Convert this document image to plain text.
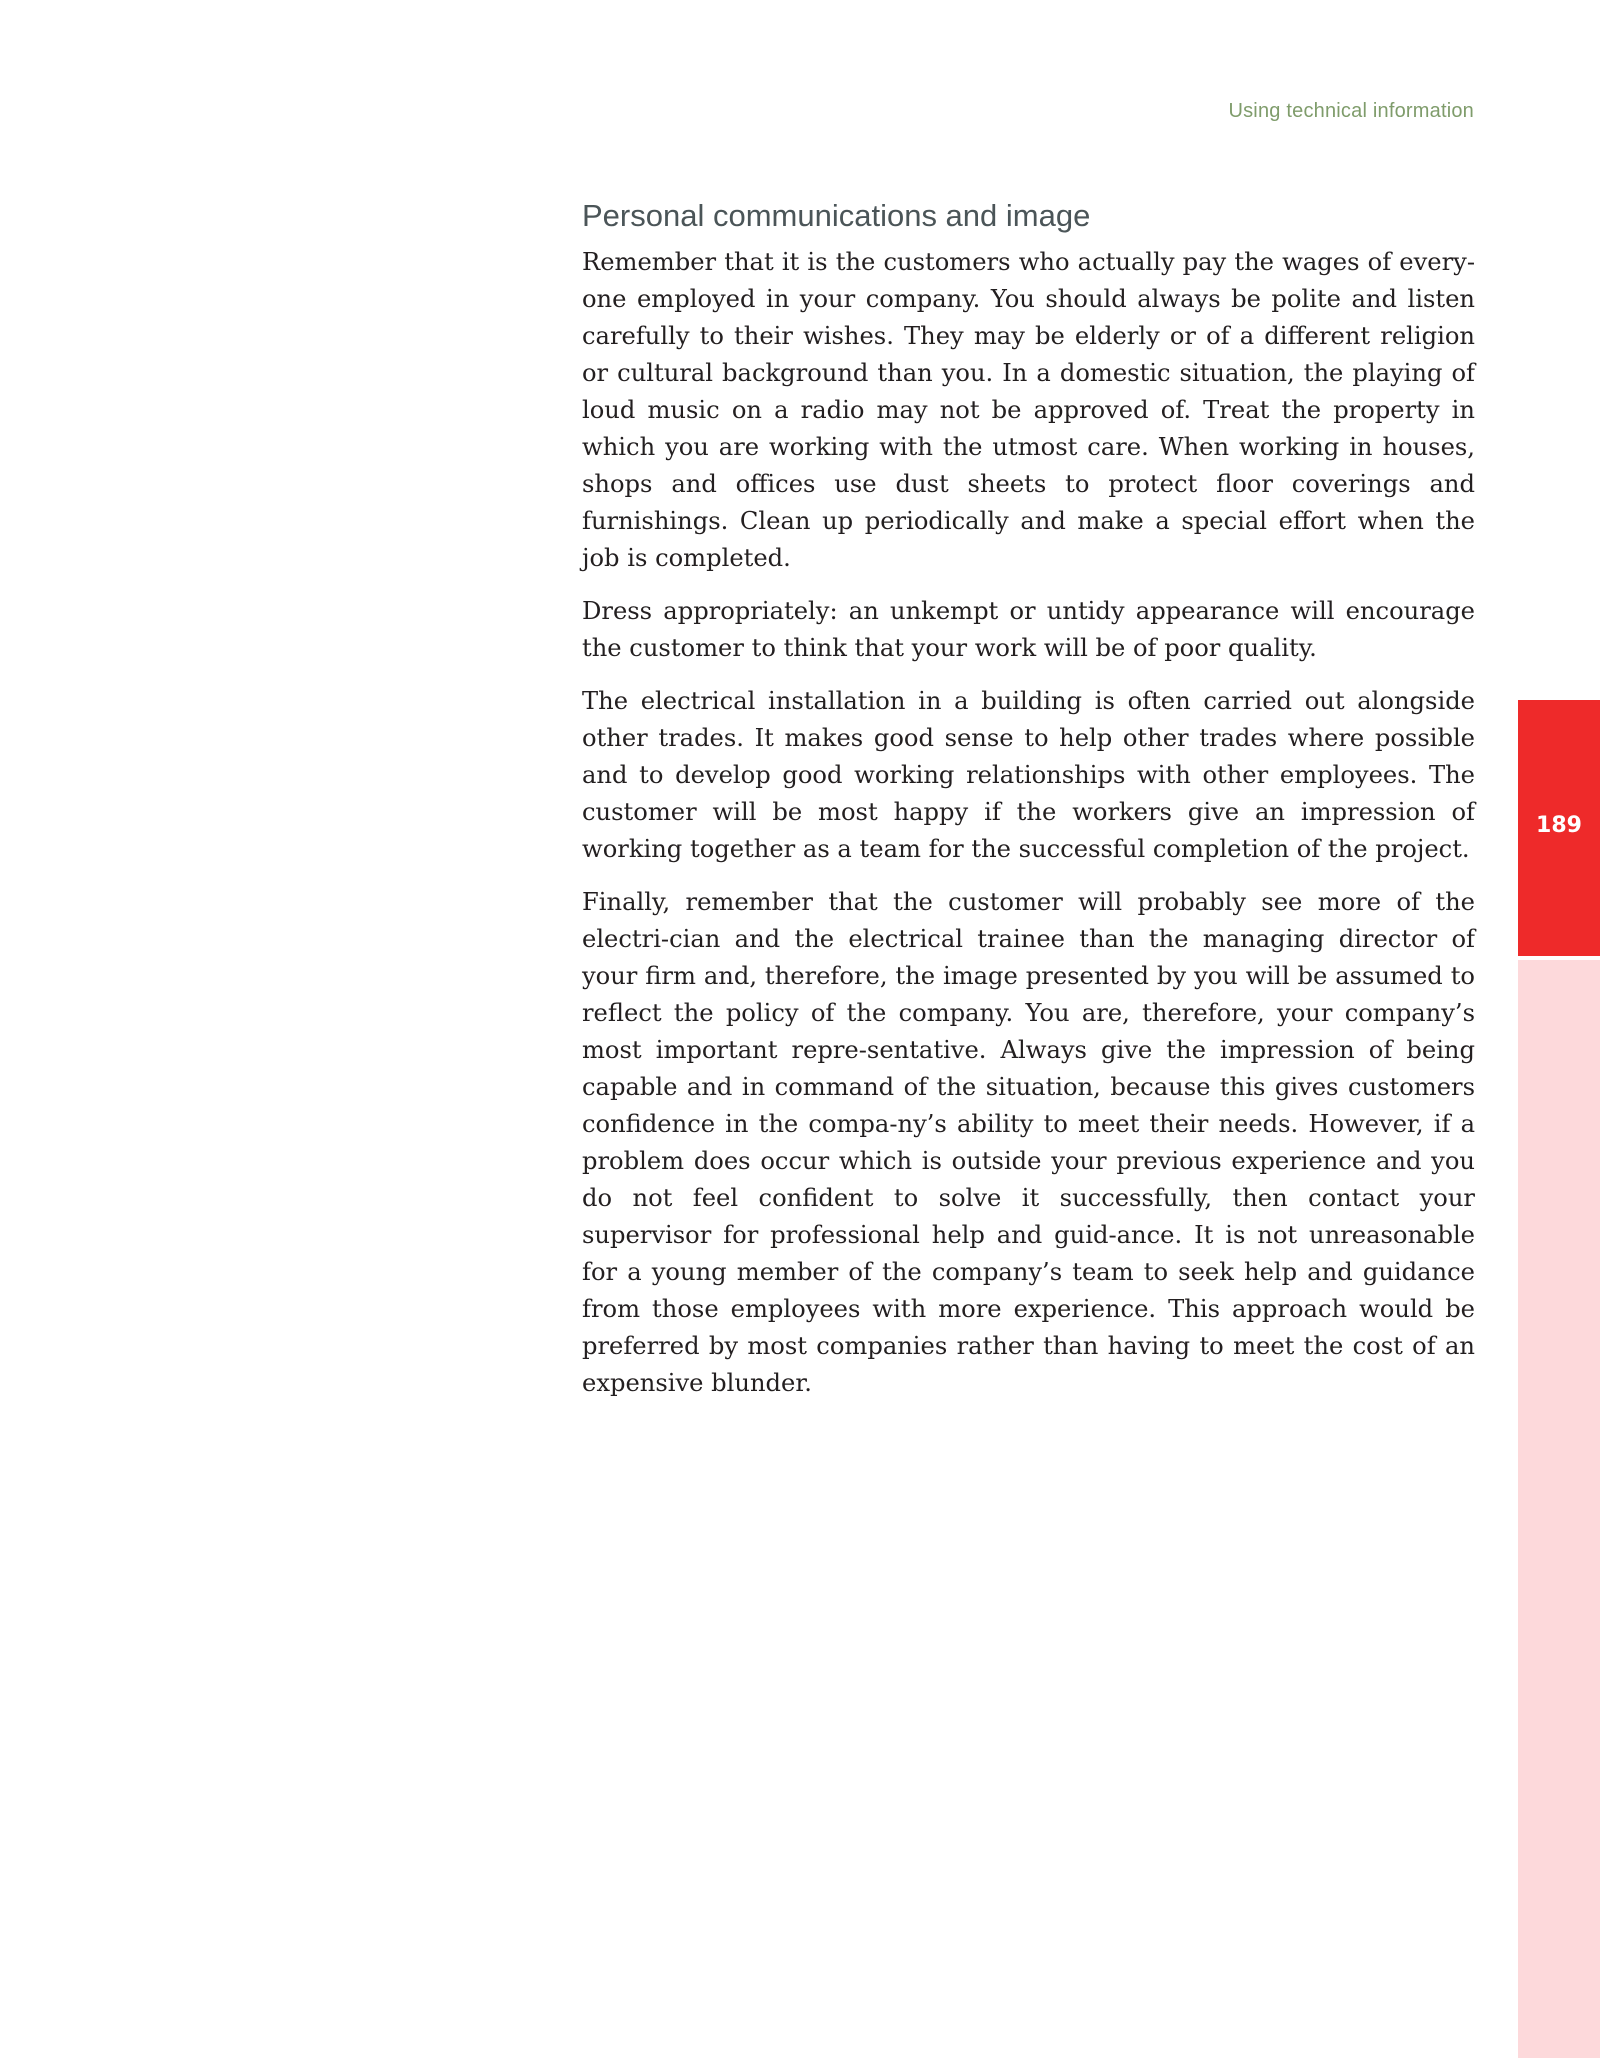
Using technical information

Personal communications and image

Remember that it is the customers who actually pay the wages of every-one employed in your company. You should always be polite and listen carefully to their wishes. They may be elderly or of a different religion or cultural background than you. In a domestic situation, the playing of loud music on a radio may not be approved of. Treat the property in which you are working with the utmost care. When working in houses, shops and offices use dust sheets to protect floor coverings and furnishings. Clean up periodically and make a special effort when the job is completed.

Dress appropriately: an unkempt or untidy appearance will encourage the customer to think that your work will be of poor quality.

The electrical installation in a building is often carried out alongside other trades. It makes good sense to help other trades where possible and to develop good working relationships with other employees. The customer will be most happy if the workers give an impression of working together as a team for the successful completion of the project.

Finally, remember that the customer will probably see more of the electri-cian and the electrical trainee than the managing director of your firm and, therefore, the image presented by you will be assumed to reflect the policy of the company. You are, therefore, your company’s most important repre-sentative. Always give the impression of being capable and in command of the situation, because this gives customers confidence in the compa-ny’s ability to meet their needs. However, if a problem does occur which is outside your previous experience and you do not feel confident to solve it successfully, then contact your supervisor for professional help and guid-ance. It is not unreasonable for a young member of the company’s team to seek help and guidance from those employees with more experience. This approach would be preferred by most companies rather than having to meet the cost of an expensive blunder.

189
